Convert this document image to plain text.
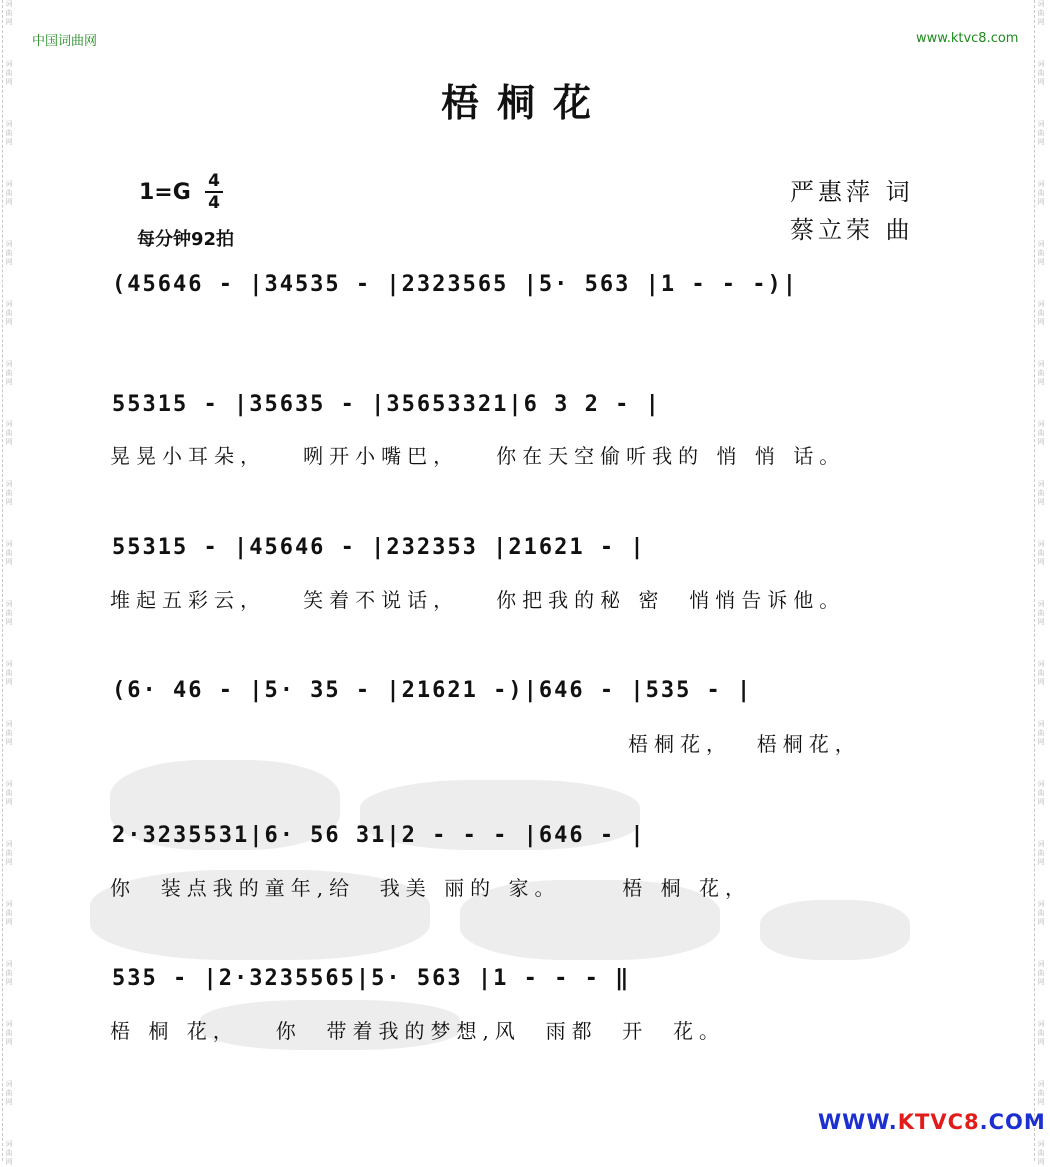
词
曲
网
词
曲
网
词
曲
网
词
曲
网
词
曲
网
词
曲
网
词
曲
网
词
曲
网
词
曲
网
词
曲
网
词
曲
网
词
曲
网
词
曲
网
词
曲
网
词
曲
网
词
曲
网
词
曲
网
词
曲
网
词
曲
网
词
曲
网
词
曲
网
词
曲
网
词
曲
网
词
曲
网
词
曲
网
词
曲
网
词
曲
网
词
曲
网
词
曲
网
词
曲
网
词
曲
网
词
曲
网
词
曲
网
词
曲
网
词
曲
网
词
曲
网
词
曲
网
词
曲
网
词
曲
网
词
曲
网
中国词曲网	www.ktvc8.com
梧桐花
1=G 4
4
每分钟92拍
严惠萍 词
蔡立荣 曲
(45646 - |34535 - |2323565 |5· 563 |1 - - -)|
55315 - |35635 - |35653321|6 3 2 - |
晃晃小耳朵，   咧开小嘴巴，   你在天空偷听我的 悄 悄 话。
55315 - |45646 - |232353 |21621 - |
堆起五彩云，   笑着不说话，   你把我的秘 密  悄悄告诉他。
(6· 46 - |5· 35 - |21621 -)|646 - |535 - |
梧桐花，  梧桐花，
2·3235531|6· 56 31|2 - - - |646 - |
你  装点我的童年,给  我美 丽的 家。     梧 桐 花，
535 - |2·3235565|5· 563 |1 - - - ‖
梧 桐 花，   你  带着我的梦想,风  雨都  开  花。
WWW.KTVC8.COM
